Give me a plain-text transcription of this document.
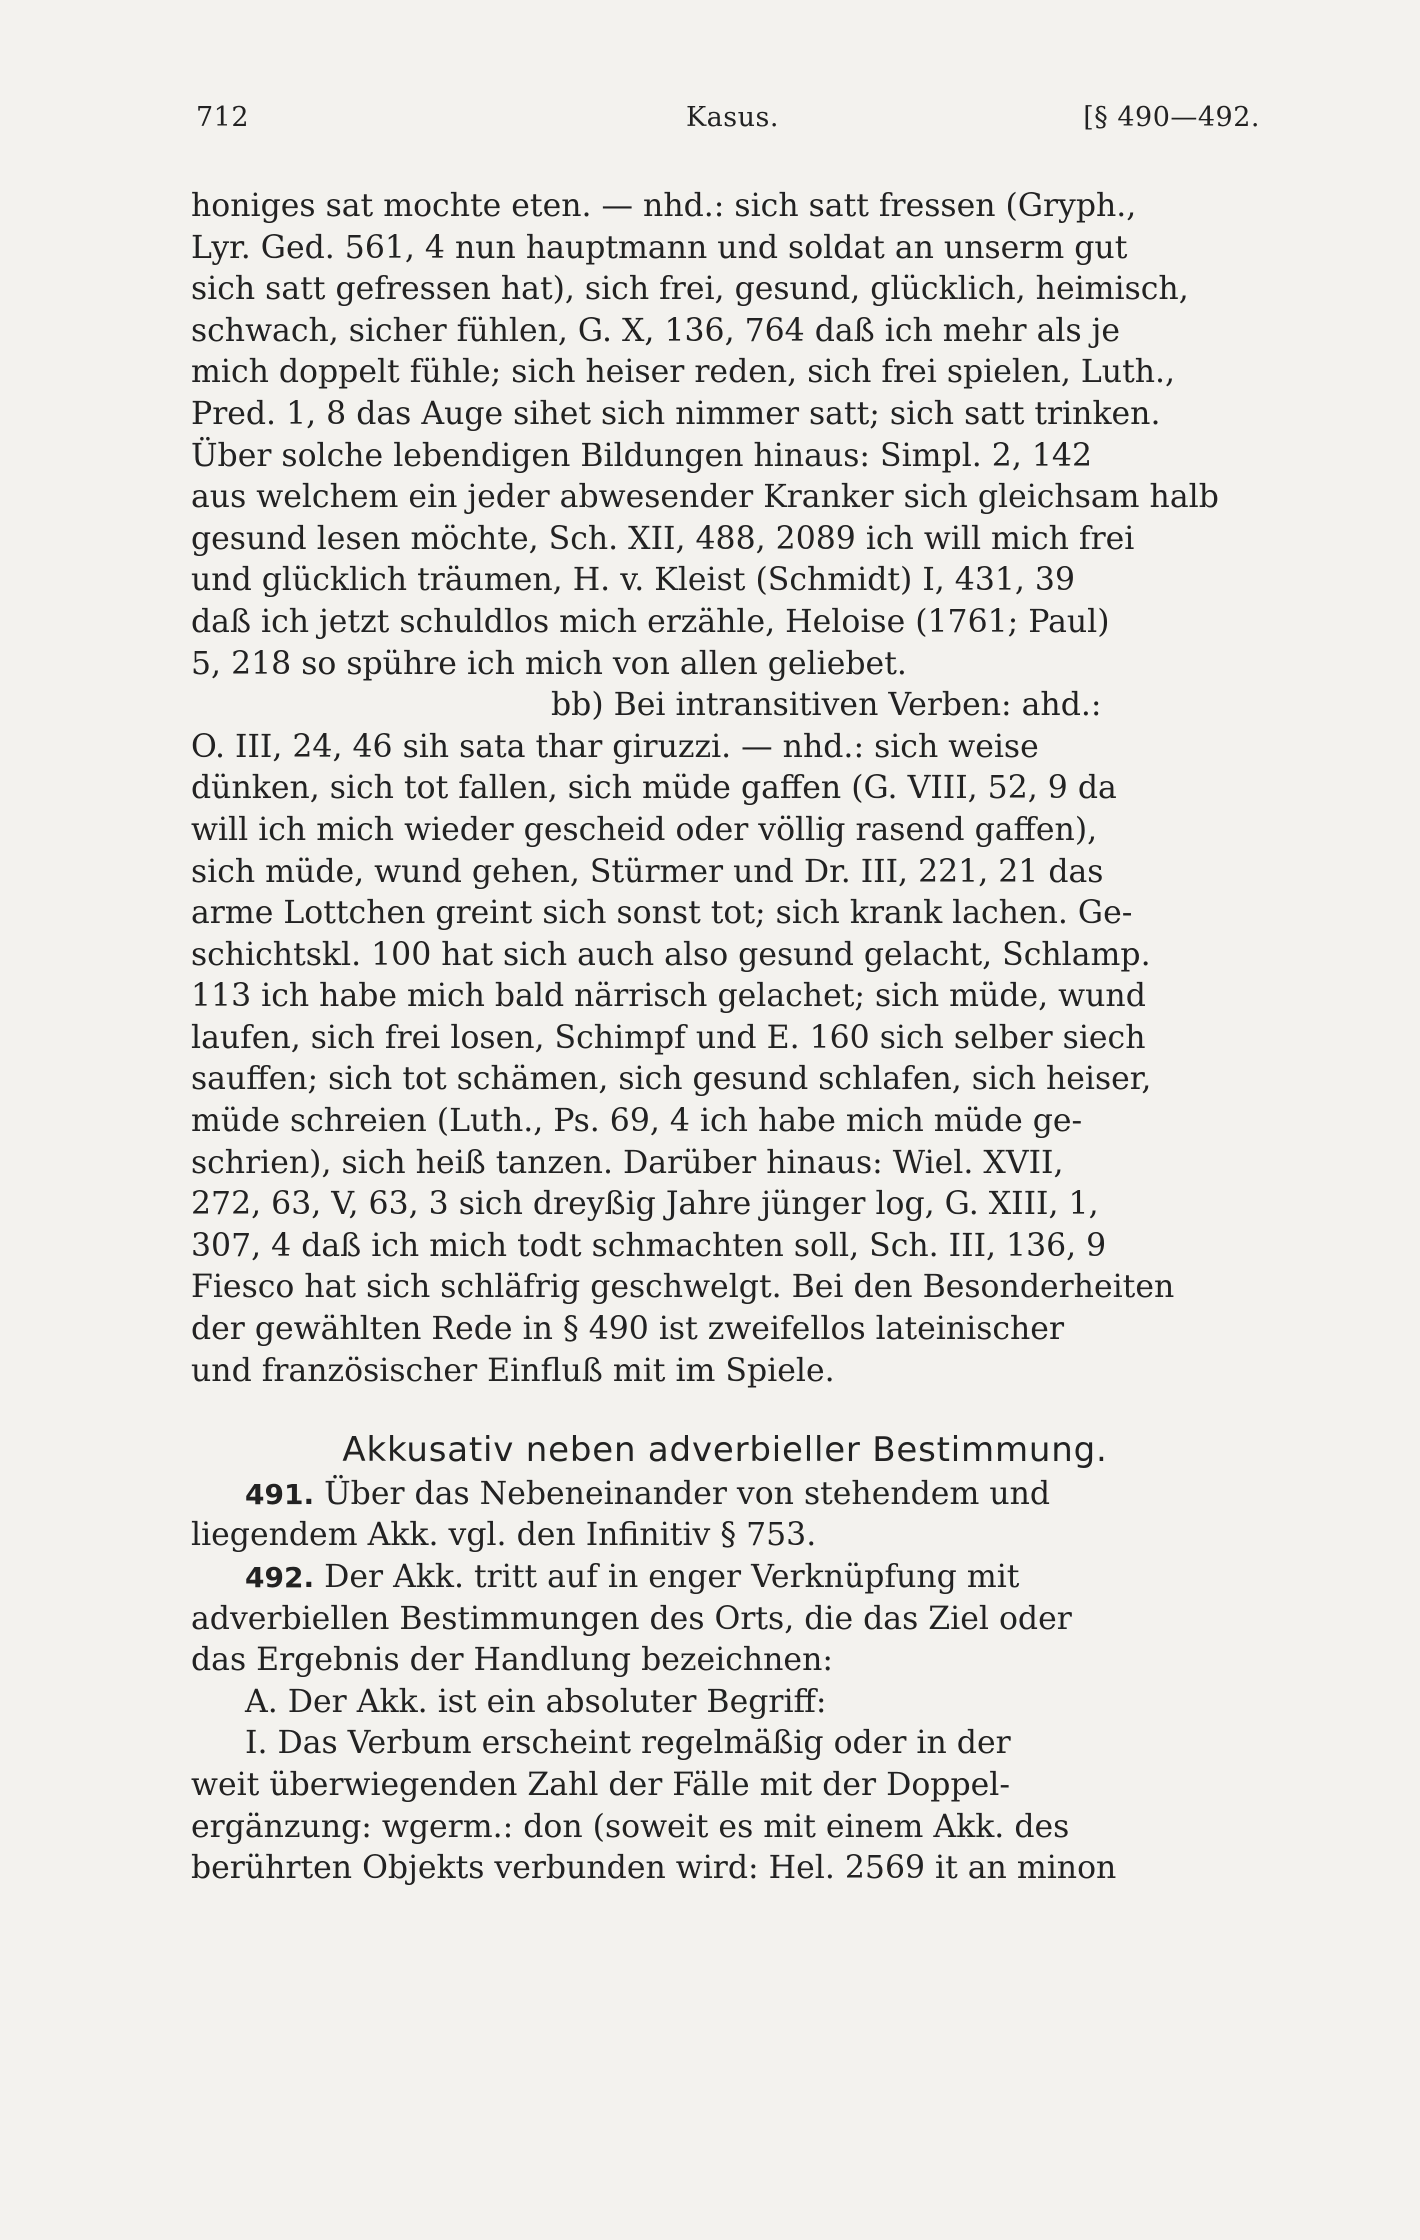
712	Kasus.	[§ 490—492.
honiges sat mochte eten. — nhd.: sich satt fressen (Gryph.,
Lyr. Ged. 561, 4 nun hauptmann und soldat an unserm gut
sich satt gefressen hat), sich frei, gesund, glücklich, heimisch,
schwach, sicher fühlen, G. X, 136, 764 daß ich mehr als je
mich doppelt fühle; sich heiser reden, sich frei spielen, Luth.,
Pred. 1, 8 das Auge sihet sich nimmer satt; sich satt trinken.
Über solche lebendigen Bildungen hinaus: Simpl. 2, 142
aus welchem ein jeder abwesender Kranker sich gleichsam halb
gesund lesen möchte, Sch. XII, 488, 2089 ich will mich frei
und glücklich träumen, H. v. Kleist (Schmidt) I, 431, 39
daß ich jetzt schuldlos mich erzähle, Heloise (1761; Paul)
5, 218 so spühre ich mich von allen geliebet.
bb) Bei intransitiven Verben: ahd.:
O. III, 24, 46 sih sata thar giruzzi. — nhd.: sich weise
dünken, sich tot fallen, sich müde gaffen (G. VIII, 52, 9 da
will ich mich wieder gescheid oder völlig rasend gaffen),
sich müde, wund gehen, Stürmer und Dr. III, 221, 21 das
arme Lottchen greint sich sonst tot; sich krank lachen. Ge-
schichtskl. 100 hat sich auch also gesund gelacht, Schlamp.
113 ich habe mich bald närrisch gelachet; sich müde, wund
laufen, sich frei losen, Schimpf und E. 160 sich selber siech
sauffen; sich tot schämen, sich gesund schlafen, sich heiser,
müde schreien (Luth., Ps. 69, 4 ich habe mich müde ge-
schrien), sich heiß tanzen. Darüber hinaus: Wiel. XVII,
272, 63, V, 63, 3 sich dreyßig Jahre jünger log, G. XIII, 1,
307, 4 daß ich mich todt schmachten soll, Sch. III, 136, 9
Fiesco hat sich schläfrig geschwelgt. Bei den Besonderheiten
der gewählten Rede in § 490 ist zweifellos lateinischer
und französischer Einfluß mit im Spiele.
Akkusativ neben adverbieller Bestimmung.
491. Über das Nebeneinander von stehendem und
liegendem Akk. vgl. den Infinitiv § 753.
492. Der Akk. tritt auf in enger Verknüpfung mit
adverbiellen Bestimmungen des Orts, die das Ziel oder
das Ergebnis der Handlung bezeichnen:
A. Der Akk. ist ein absoluter Begriff:
I. Das Verbum erscheint regelmäßig oder in der
weit überwiegenden Zahl der Fälle mit der Doppel-
ergänzung: wgerm.: don (soweit es mit einem Akk. des
berührten Objekts verbunden wird: Hel. 2569 it an minon
